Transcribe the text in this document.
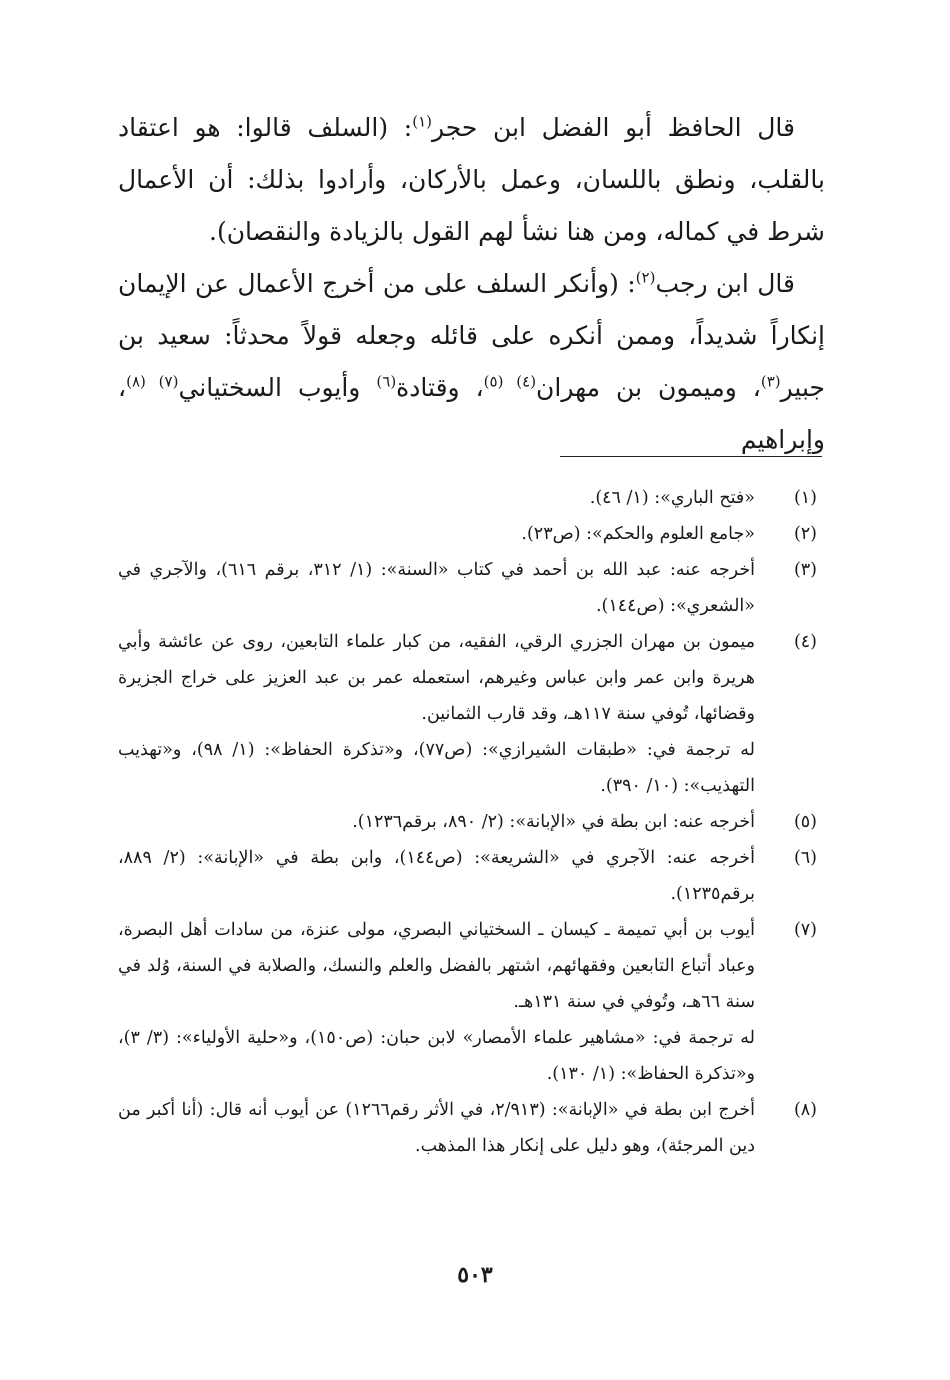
قال الحافظ أبو الفضل ابن حجر$^{(١)}$: (السلف قالوا: هو اعتقاد بالقلب، ونطق باللسان، وعمل بالأركان، وأرادوا بذلك: أن الأعمال شرط في كماله، ومن هنا نشأ لهم القول بالزيادة والنقصان).

قال ابن رجب$^{(٢)}$: (وأنكر السلف على من أخرج الأعمال عن الإيمان إنكاراً شديداً، وممن أنكره على قائله وجعله قولاً محدثاً: سعيد بن جبير$^{(٣)}$، وميمون بن مهران$^{(٤) (٥)}$، وقتادة$^{(٦)}$ وأيوب السختياني$^{(٧) (٨)}$، وإبراهيم

(١)
«فتح الباري»: (١/ ٤٦).
(٢)
«جامع العلوم والحكم»: (ص٢٣).
(٣)
أخرجه عنه: عبد الله بن أحمد في كتاب «السنة»: (١/ ٣١٢، برقم ٦١٦)، والآجري في «الشعري»: (ص١٤٤).
(٤)
ميمون بن مهران الجزري الرقي، الفقيه، من كبار علماء التابعين، روى عن عائشة وأبي هريرة وابن عمر وابن عباس وغيرهم، استعمله عمر بن عبد العزيز على خراج الجزيرة وقضائها، تُوفي سنة ١١٧هـ، وقد قارب الثمانين.
له ترجمة في: «طبقات الشيرازي»: (ص٧٧)، و«تذكرة الحفاظ»: (١/ ٩٨)، و«تهذيب التهذيب»: (١٠/ ٣٩٠).
(٥)
أخرجه عنه: ابن بطة في «الإبانة»: (٢/ ٨٩٠، برقم١٢٣٦).
(٦)
أخرجه عنه: الآجري في «الشريعة»: (ص١٤٤)، وابن بطة في «الإبانة»: (٢/ ٨٨٩، برقم١٢٣٥).
(٧)
أيوب بن أبي تميمة ـ كيسان ـ السختياني البصري، مولى عنزة، من سادات أهل البصرة، وعباد أتباع التابعين وفقهائهم، اشتهر بالفضل والعلم والنسك، والصلابة في السنة، وُلد في سنة ٦٦هـ، وتُوفي في سنة ١٣١هـ.
له ترجمة في: «مشاهير علماء الأمصار» لابن حبان: (ص١٥٠)، و«حلية الأولياء»: (٣/ ٣)، و«تذكرة الحفاظ»: (١/ ١٣٠).
(٨)
أخرج ابن بطة في «الإبانة»: (٢/٩١٣، في الأثر رقم١٢٦٦) عن أيوب أنه قال: (أنا أكبر من دين المرجئة)، وهو دليل على إنكار هذا المذهب.
٥٠٣
